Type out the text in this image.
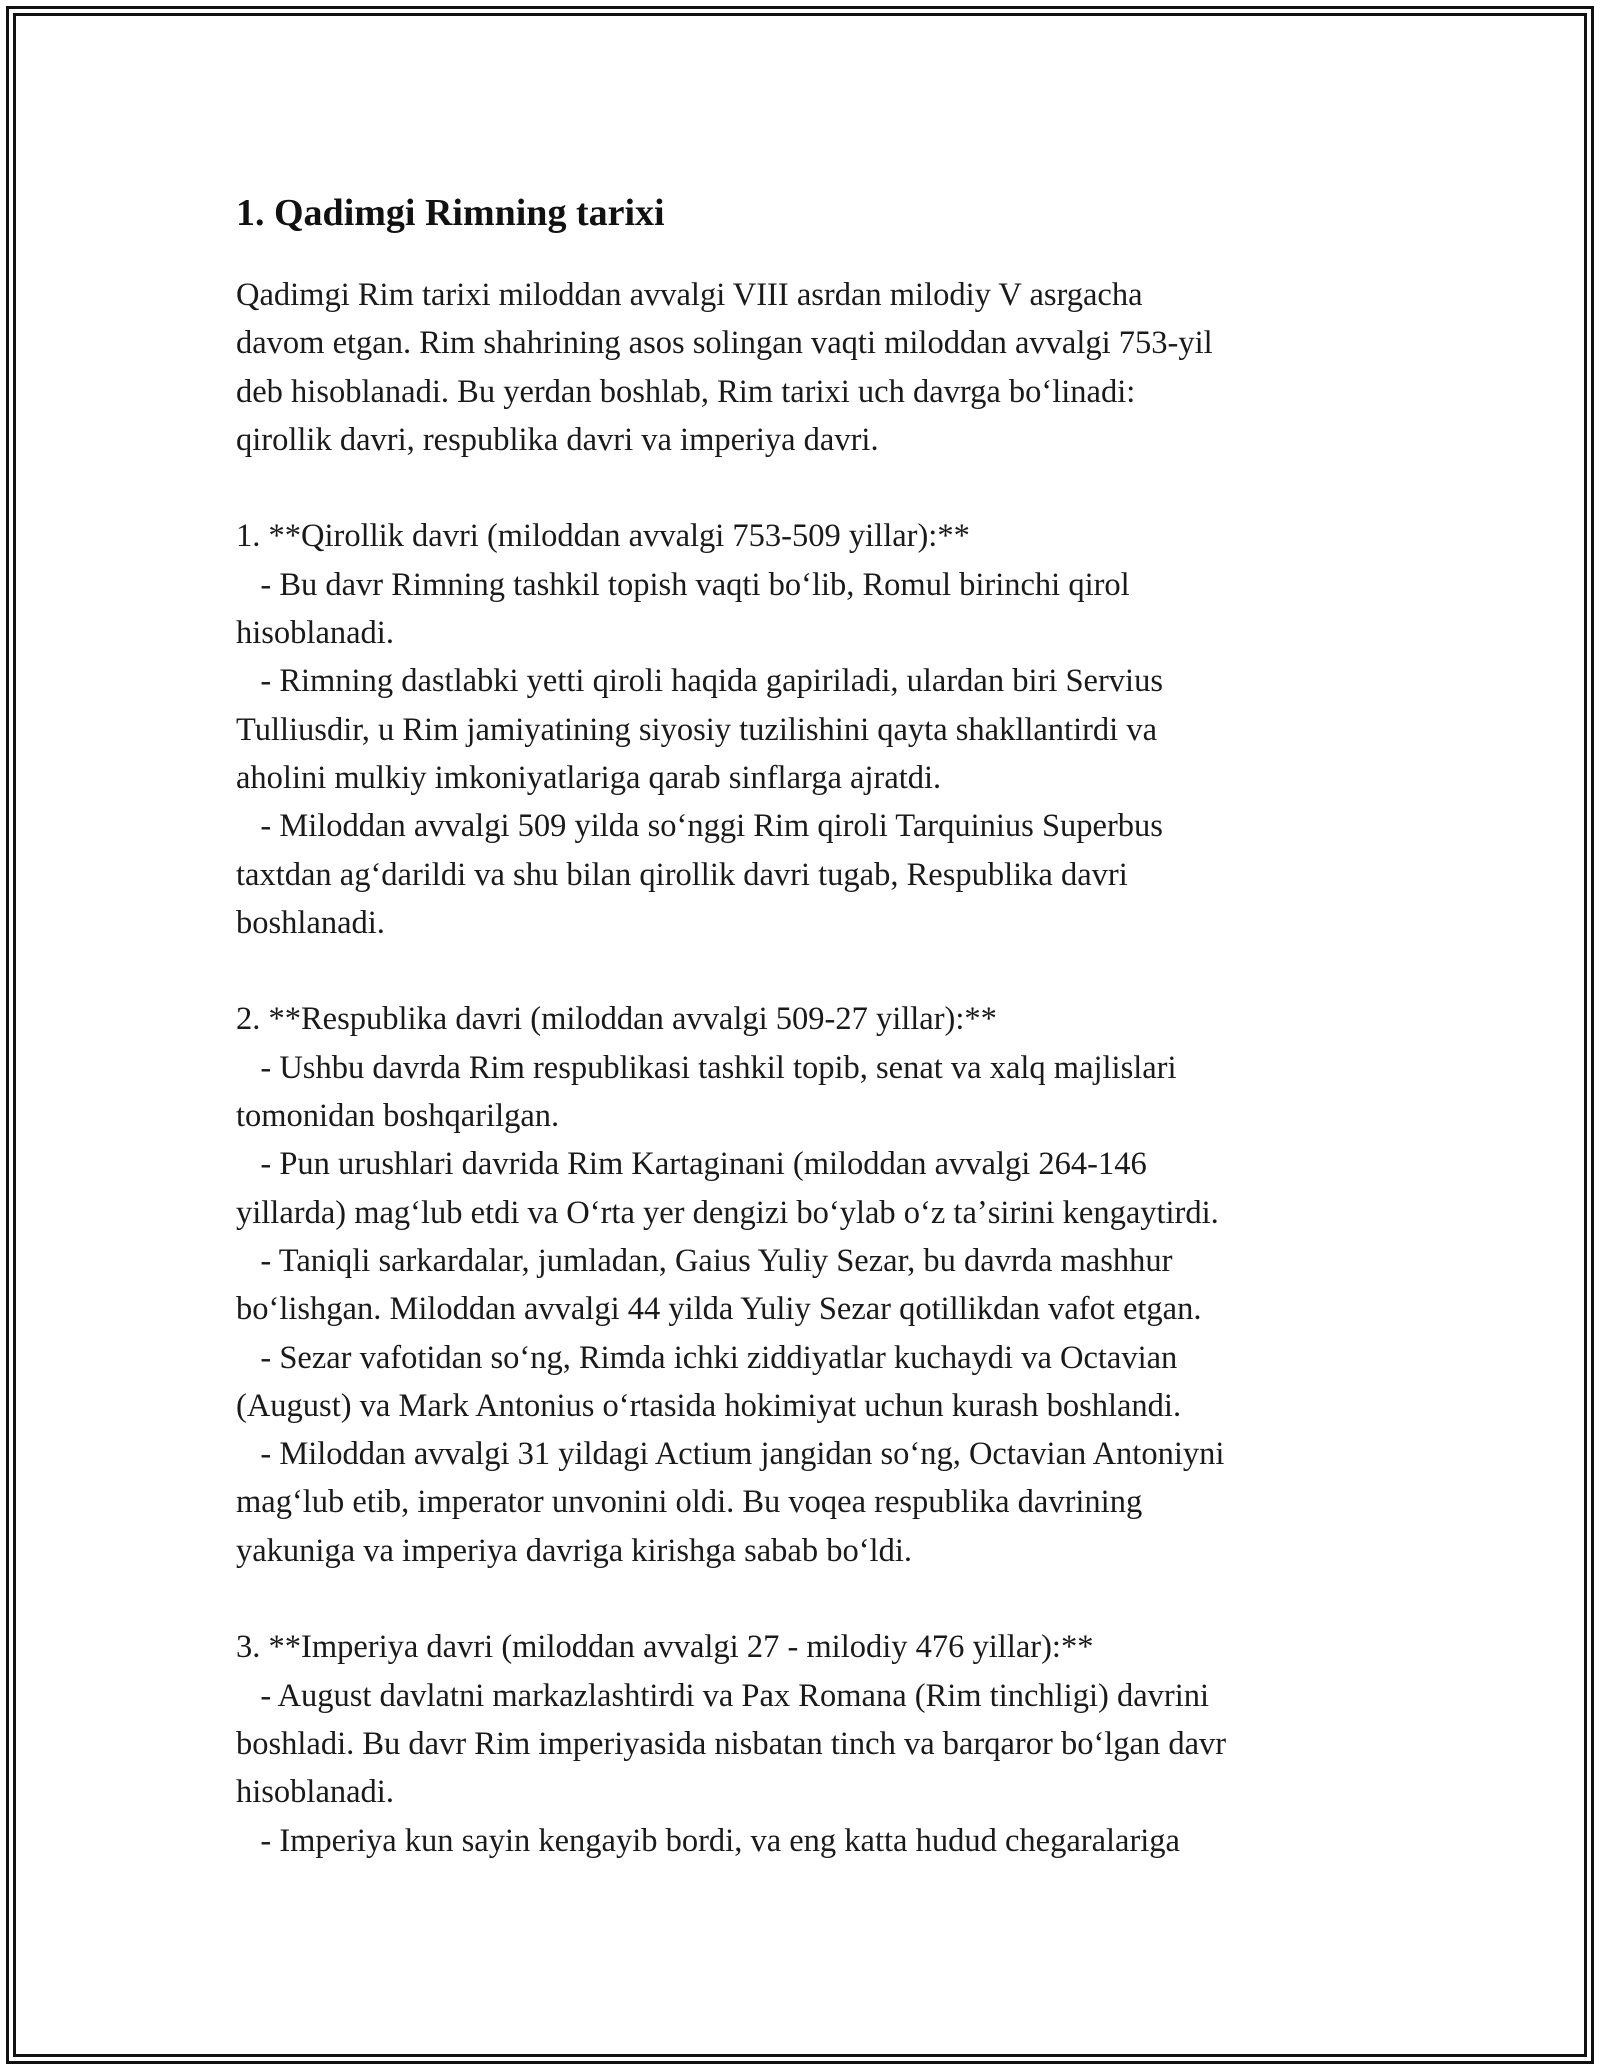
1. Qadimgi Rimning tarixi
Qadimgi Rim tarixi miloddan avvalgi VIII asrdan milodiy V asrgacha
davom etgan. Rim shahrining asos solingan vaqti miloddan avvalgi 753-yil
deb hisoblanadi. Bu yerdan boshlab, Rim tarixi uch davrga boʻlinadi:
qirollik davri, respublika davri va imperiya davri.
1. **Qirollik davri (miloddan avvalgi 753-509 yillar):**
- Bu davr Rimning tashkil topish vaqti boʻlib, Romul birinchi qirol
hisoblanadi.
- Rimning dastlabki yetti qiroli haqida gapiriladi, ulardan biri Servius
Tulliusdir, u Rim jamiyatining siyosiy tuzilishini qayta shakllantirdi va
aholini mulkiy imkoniyatlariga qarab sinflarga ajratdi.
- Miloddan avvalgi 509 yilda soʻnggi Rim qiroli Tarquinius Superbus
taxtdan agʻdarildi va shu bilan qirollik davri tugab, Respublika davri
boshlanadi.
2. **Respublika davri (miloddan avvalgi 509-27 yillar):**
- Ushbu davrda Rim respublikasi tashkil topib, senat va xalq majlislari
tomonidan boshqarilgan.
- Pun urushlari davrida Rim Kartaginani (miloddan avvalgi 264-146
yillarda) magʻlub etdi va Oʻrta yer dengizi boʻylab oʻz taʼsirini kengaytirdi.
- Taniqli sarkardalar, jumladan, Gaius Yuliy Sezar, bu davrda mashhur
boʻlishgan. Miloddan avvalgi 44 yilda Yuliy Sezar qotillikdan vafot etgan.
- Sezar vafotidan soʻng, Rimda ichki ziddiyatlar kuchaydi va Octavian
(August) va Mark Antonius oʻrtasida hokimiyat uchun kurash boshlandi.
- Miloddan avvalgi 31 yildagi Actium jangidan soʻng, Octavian Antoniyni
magʻlub etib, imperator unvonini oldi. Bu voqea respublika davrining
yakuniga va imperiya davriga kirishga sabab boʻldi.
3. **Imperiya davri (miloddan avvalgi 27 - milodiy 476 yillar):**
- August davlatni markazlashtirdi va Pax Romana (Rim tinchligi) davrini
boshladi. Bu davr Rim imperiyasida nisbatan tinch va barqaror boʻlgan davr
hisoblanadi.
- Imperiya kun sayin kengayib bordi, va eng katta hudud chegaralariga
